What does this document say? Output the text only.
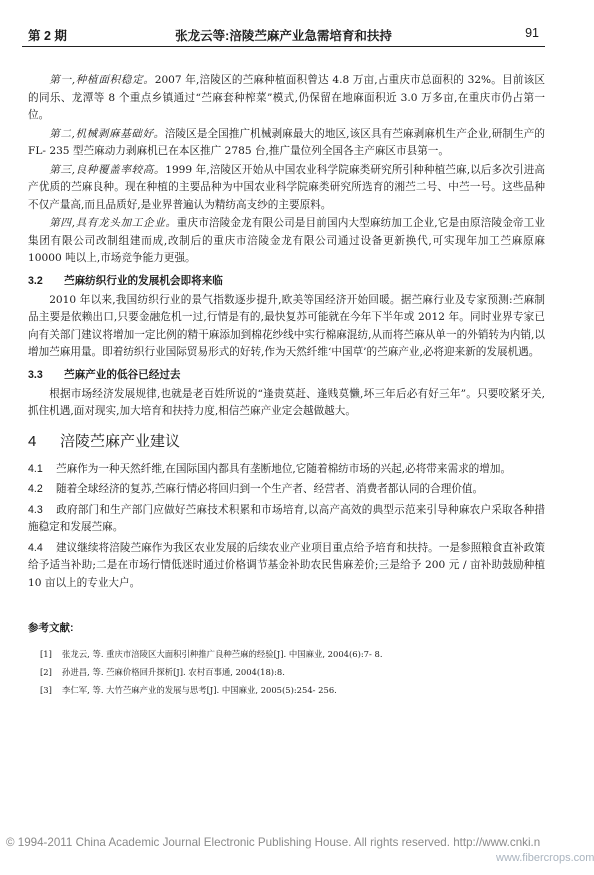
第 2 期	张龙云等:涪陵苎麻产业急需培育和扶持	91

第一,种植面积稳定。2007 年,涪陵区的苎麻种植面积曾达 4.8 万亩,占重庆市总面积的 32%。目前该区的同乐、龙潭等 8 个重点乡镇通过“苎麻套种榨菜”模式,仍保留在地麻面积近 3.0 万多亩,在重庆市仍占第一位。

第二,机械剥麻基础好。涪陵区是全国推广机械剥麻最大的地区,该区具有苎麻剥麻机生产企业,研制生产的 FL- 235 型苎麻动力剥麻机已在本区推广 2785 台,推广量位列全国各主产麻区市县第一。

第三,良种覆盖率较高。1999 年,涪陵区开始从中国农业科学院麻类研究所引种种植苎麻,以后多次引进高产优质的苎麻良种。现在种植的主要品种为中国农业科学院麻类研究所选育的湘苎二号、中苎一号。这些品种不仅产量高,而且品质好,是业界普遍认为精纺高支纱的主要原料。

第四,具有龙头加工企业。重庆市涪陵金龙有限公司是目前国内大型麻纺加工企业,它是由原涪陵金帝工业集团有限公司改制组建而成,改制后的重庆市涪陵金龙有限公司通过设备更新换代,可实现年加工苎麻原麻 10000 吨以上,市场竞争能力更强。

3.2 苎麻纺织行业的发展机会即将来临

2010 年以来,我国纺织行业的景气指数逐步提升,欧美等国经济开始回暖。据苎麻行业及专家预测:苎麻制品主要是依赖出口,只要金融危机一过,行情是有的,最快复苏可能就在今年下半年或 2012 年。同时业界专家已向有关部门建议将增加一定比例的精干麻添加到棉花纱线中实行棉麻混纺,从而将苎麻从单一的外销转为内销,以增加苎麻用量。即着纺织行业国际贸易形式的好转,作为天然纤维‘中国草’的苎麻产业,必将迎来新的发展机遇。

3.3 苎麻产业的低谷已经过去

根据市场经济发展规律,也就是老百姓所说的“逢贵莫赶、逢贱莫懒,坏三年后必有好三年”。只要咬紧牙关,抓住机遇,面对现实,加大培育和扶持力度,相信苎麻产业定会越做越大。

4 涪陵苎麻产业建议

4.1 苎麻作为一种天然纤维,在国际国内都具有垄断地位,它随着棉纺市场的兴起,必将带来需求的增加。

4.2 随着全球经济的复苏,苎麻行情必将回归到一个生产者、经营者、消费者都认同的合理价值。

4.3 政府部门和生产部门应做好苎麻技术积累和市场培育,以高产高效的典型示范来引导种麻农户采取各种措施稳定和发展苎麻。

4.4 建议继续将涪陵苎麻作为我区农业发展的后续农业产业项目重点给予培育和扶持。一是参照粮食直补政策给予适当补助;二是在市场行情低迷时通过价格调节基金补助农民售麻差价;三是给予 200 元 / 亩补助鼓励种植 10 亩以上的专业大户。

参考文献:
[1] 张龙云, 等. 重庆市涪陵区大面积引种推广良种苎麻的经验[J]. 中国麻业, 2004(6):7- 8.
[2] 孙进昌, 等. 苎麻价格回升探析[J]. 农村百事通, 2004(18):8.
[3] 李仁军, 等. 大竹苎麻产业的发展与思考[J]. 中国麻业, 2005(5):254- 256.
© 1994-2011 China Academic Journal Electronic Publishing House. All rights reserved. http://www.cnki.n
www.fibercrops.com
